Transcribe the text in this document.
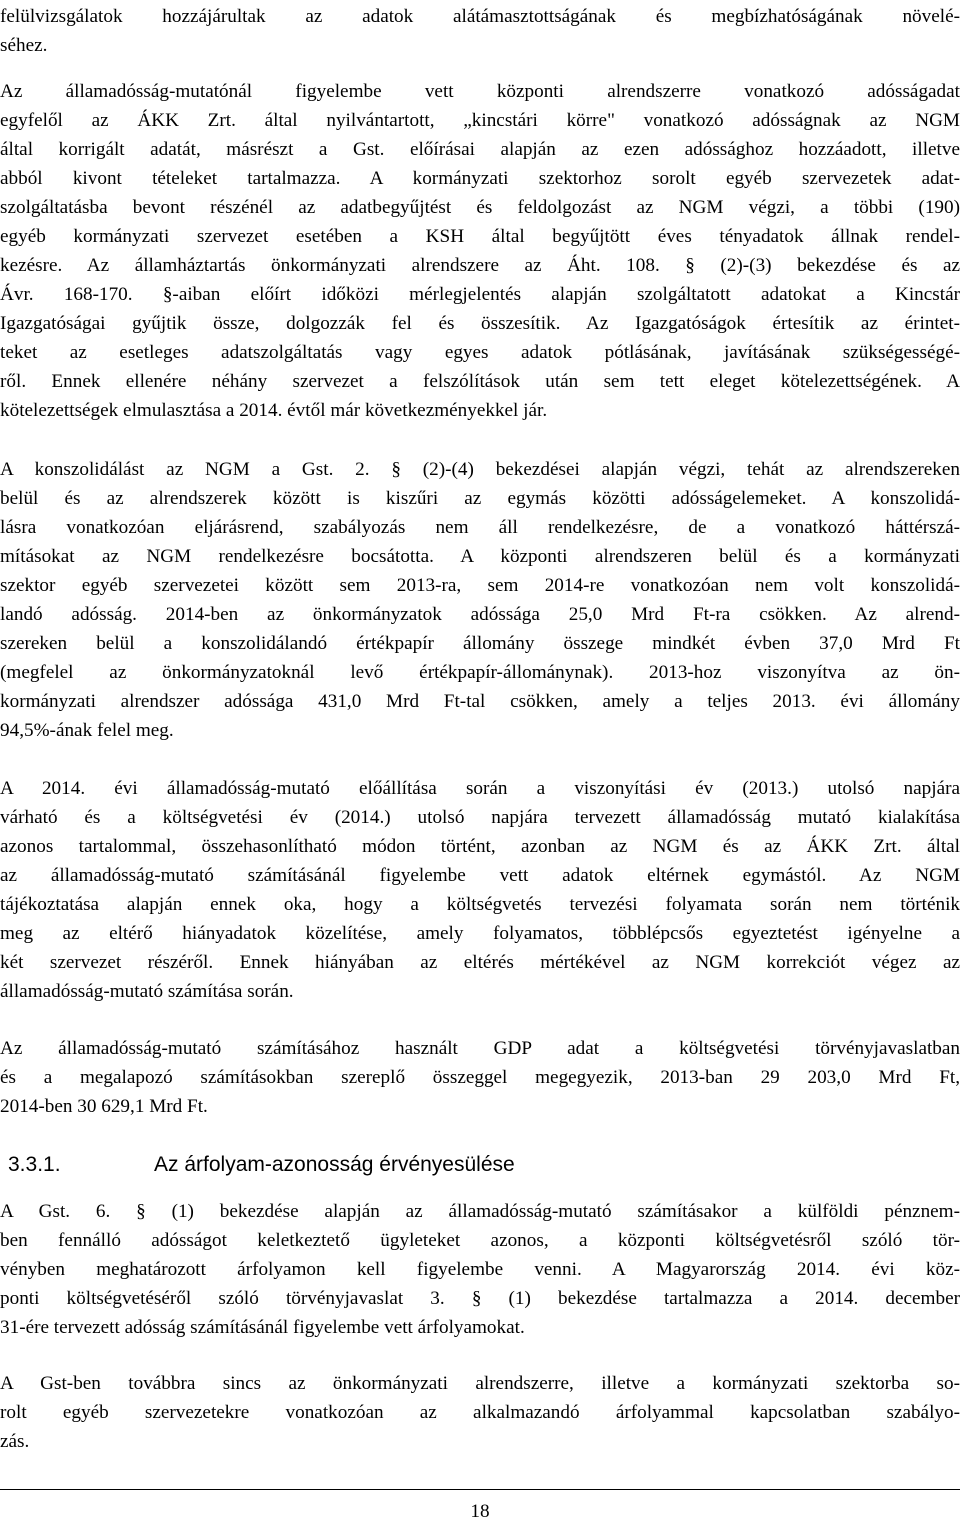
felülvizsgálatok hozzájárultak az adatok alátámasztottságának és megbízhatóságának növelé-
séhez.
Az államadósság-mutatónál figyelembe vett központi alrendszerre vonatkozó adósságadat
egyfelől az ÁKK Zrt. által nyilvántartott, „kincstári körre" vonatkozó adósságnak az NGM
által korrigált adatát, másrészt a Gst. előírásai alapján az ezen adóssághoz hozzáadott, illetve
abból kivont tételeket tartalmazza. A kormányzati szektorhoz sorolt egyéb szervezetek adat-
szolgáltatásba bevont részénél az adatbegyűjtést és feldolgozást az NGM végzi, a többi (190)
egyéb kormányzati szervezet esetében a KSH által begyűjtött éves tényadatok állnak rendel-
kezésre. Az államháztartás önkormányzati alrendszere az Áht. 108. § (2)-(3) bekezdése és az
Ávr. 168-170. §-aiban előírt időközi mérlegjelentés alapján szolgáltatott adatokat a Kincstár
Igazgatóságai gyűjtik össze, dolgozzák fel és összesítik. Az Igazgatóságok értesítik az érintet-
teket az esetleges adatszolgáltatás vagy egyes adatok pótlásának, javításának szükségességé-
ről. Ennek ellenére néhány szervezet a felszólítások után sem tett eleget kötelezettségének. A
kötelezettségek elmulasztása a 2014. évtől már következményekkel jár.
A konszolidálást az NGM a Gst. 2. § (2)-(4) bekezdései alapján végzi, tehát az alrendszereken
belül és az alrendszerek között is kiszűri az egymás közötti adósságelemeket. A konszolidá-
lásra vonatkozóan eljárásrend, szabályozás nem áll rendelkezésre, de a vonatkozó háttérszá-
mításokat az NGM rendelkezésre bocsátotta. A központi alrendszeren belül és a kormányzati
szektor egyéb szervezetei között sem 2013-ra, sem 2014-re vonatkozóan nem volt konszolidá-
landó adósság. 2014-ben az önkormányzatok adóssága 25,0 Mrd Ft-ra csökken. Az alrend-
szereken belül a konszolidálandó értékpapír állomány összege mindkét évben 37,0 Mrd Ft
(megfelel az önkormányzatoknál levő értékpapír-állománynak). 2013-hoz viszonyítva az ön-
kormányzati alrendszer adóssága 431,0 Mrd Ft-tal csökken, amely a teljes 2013. évi állomány
94,5%-ának felel meg.
A 2014. évi államadósság-mutató előállítása során a viszonyítási év (2013.) utolsó napjára
várható és a költségvetési év (2014.) utolsó napjára tervezett államadósság mutató kialakítása
azonos tartalommal, összehasonlítható módon történt, azonban az NGM és az ÁKK Zrt. által
az államadósság-mutató számításánál figyelembe vett adatok eltérnek egymástól. Az NGM
tájékoztatása alapján ennek oka, hogy a költségvetés tervezési folyamata során nem történik
meg az eltérő hiányadatok közelítése, amely folyamatos, többlépcsős egyeztetést igényelne a
két szervezet részéről. Ennek hiányában az eltérés mértékével az NGM korrekciót végez az
államadósság-mutató számítása során.
Az államadósság-mutató számításához használt GDP adat a költségvetési törvényjavaslatban
és a megalapozó számításokban szereplő összeggel megegyezik, 2013-ban 29 203,0 Mrd Ft,
2014-ben 30 629,1 Mrd Ft.
3.3.1.	Az árfolyam-azonosság érvényesülése
A Gst. 6. § (1) bekezdése alapján az államadósság-mutató számításakor a külföldi pénznem-
ben fennálló adósságot keletkeztető ügyleteket azonos, a központi költségvetésről szóló tör-
vényben meghatározott árfolyamon kell figyelembe venni. A Magyarország 2014. évi köz-
ponti költségvetéséről szóló törvényjavaslat 3. § (1) bekezdése tartalmazza a 2014. december
31-ére tervezett adósság számításánál figyelembe vett árfolyamokat.
A Gst-ben továbbra sincs az önkormányzati alrendszerre, illetve a kormányzati szektorba so-
rolt egyéb szervezetekre vonatkozóan az alkalmazandó árfolyammal kapcsolatban szabályo-
zás.
18
